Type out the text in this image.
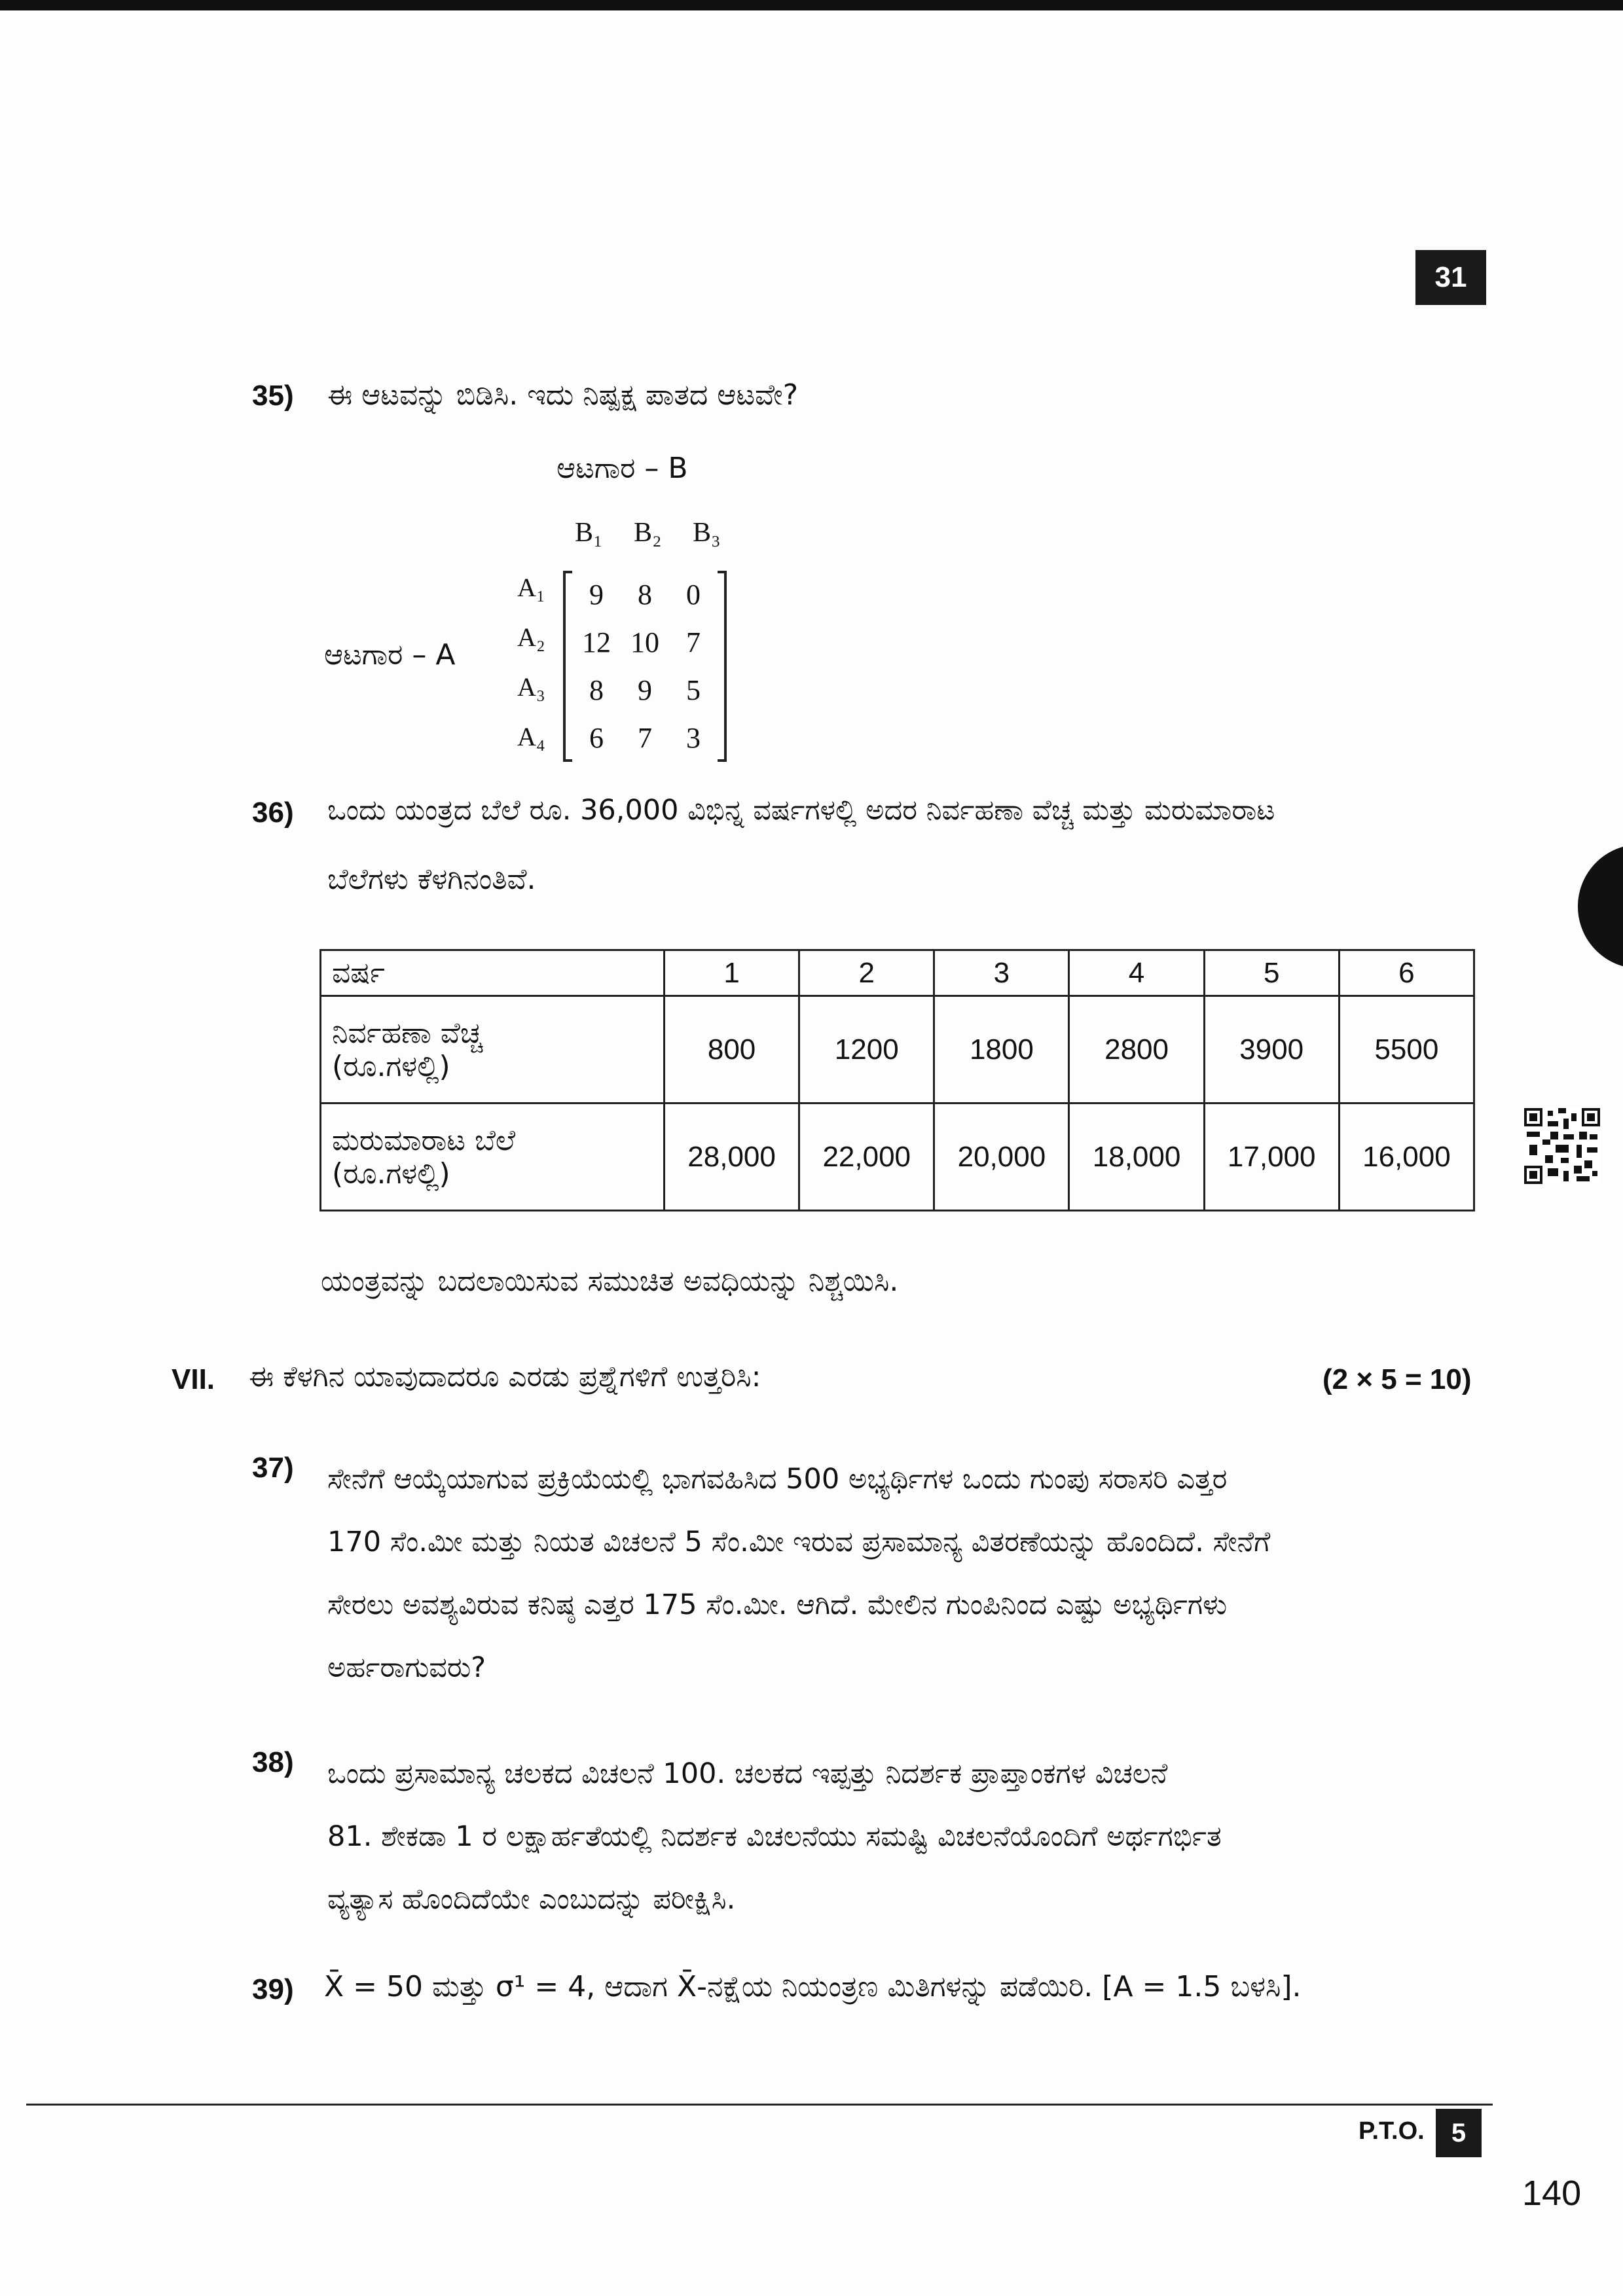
31
35) ಈ ಆಟವನ್ನು ಬಿಡಿಸಿ. ಇದು ನಿಷ್ಪಕ್ಷ ಪಾತದ ಆಟವೇ?
ಆಟಗಾರ – B
B₁ B₂ B₃
ಆಟಗಾರ – A
A₁
A₂
A₃
A₄
9	8	0
12 10 7
8	9	5
6	7	3
36) ಒಂದು ಯಂತ್ರದ ಬೆಲೆ ರೂ. 36,000 ವಿಭಿನ್ನ ವರ್ಷಗಳಲ್ಲಿ ಅದರ ನಿರ್ವಹಣಾ ವೆಚ್ಚ ಮತ್ತು ಮರುಮಾರಾಟ
ಬೆಲೆಗಳು ಕೆಳಗಿನಂತಿವೆ.
ವರ್ಷ	1	2	3	4	5	6

ನಿರ್ವಹಣಾ ವೆಚ್ಚ
(ರೂ.ಗಳಲ್ಲಿ)	800	1200	1800	2800	3900	5500

ಮರುಮಾರಾಟ ಬೆಲೆ
(ರೂ.ಗಳಲ್ಲಿ)	28,000	22,000	20,000	18,000	17,000	16,000
ಯಂತ್ರವನ್ನು ಬದಲಾಯಿಸುವ ಸಮುಚಿತ ಅವಧಿಯನ್ನು ನಿಶ್ಚಯಿಸಿ.
VII. ಈ ಕೆಳಗಿನ ಯಾವುದಾದರೂ ಎರಡು ಪ್ರಶ್ನೆಗಳಿಗೆ ಉತ್ತರಿಸಿ:	(2 × 5 = 10)
37) ಸೇನೆಗೆ ಆಯ್ಕೆಯಾಗುವ ಪ್ರಕ್ರಿಯೆಯಲ್ಲಿ ಭಾಗವಹಿಸಿದ 500 ಅಭ್ಯರ್ಥಿಗಳ ಒಂದು ಗುಂಪು ಸರಾಸರಿ ಎತ್ತರ
170 ಸೆಂ.ಮೀ ಮತ್ತು ನಿಯತ ವಿಚಲನೆ 5 ಸೆಂ.ಮೀ ಇರುವ ಪ್ರಸಾಮಾನ್ಯ ವಿತರಣೆಯನ್ನು ಹೊಂದಿದೆ. ಸೇನೆಗೆ
ಸೇರಲು ಅವಶ್ಯವಿರುವ ಕನಿಷ್ಠ ಎತ್ತರ 175 ಸೆಂ.ಮೀ. ಆಗಿದೆ. ಮೇಲಿನ ಗುಂಪಿನಿಂದ ಎಷ್ಟು ಅಭ್ಯರ್ಥಿಗಳು
ಅರ್ಹರಾಗುವರು?
38) ಒಂದು ಪ್ರಸಾಮಾನ್ಯ ಚಲಕದ ವಿಚಲನೆ 100. ಚಲಕದ ಇಪ್ಪತ್ತು ನಿದರ್ಶಕ ಪ್ರಾಪ್ತಾಂಕಗಳ ವಿಚಲನೆ
81. ಶೇಕಡಾ 1 ರ ಲಕ್ಷಾರ್ಹತೆಯಲ್ಲಿ ನಿದರ್ಶಕ ವಿಚಲನೆಯು ಸಮಷ್ಟಿ ವಿಚಲನೆಯೊಂದಿಗೆ ಅರ್ಥಗರ್ಭಿತ
ವ್ಯತ್ಯಾಸ ಹೊಂದಿದೆಯೇ ಎಂಬುದನ್ನು ಪರೀಕ್ಷಿಸಿ.
39) X̄ = 50 ಮತ್ತು σ¹ = 4, ಆದಾಗ X̄-ನಕ್ಷೆಯ ನಿಯಂತ್ರಣ ಮಿತಿಗಳನ್ನು ಪಡೆಯಿರಿ. [A = 1.5 ಬಳಸಿ].
P.T.O.	5
140
